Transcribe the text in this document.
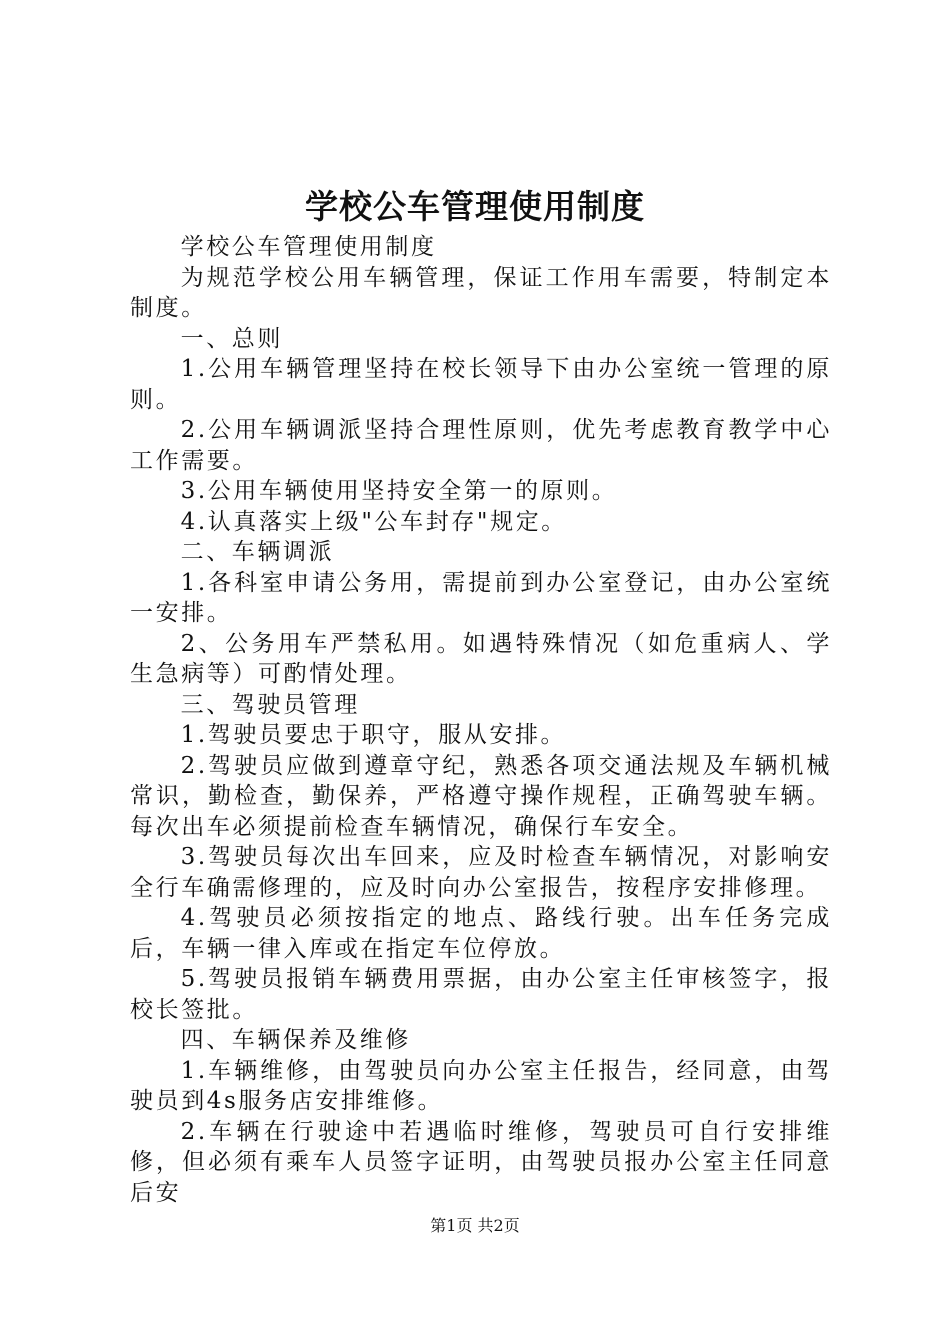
学校公车管理使用制度

学校公车管理使用制度

为规范学校公用车辆管理，保证工作用车需要，特制定本制度。

一、总则

1.公用车辆管理坚持在校长领导下由办公室统一管理的原则。

2.公用车辆调派坚持合理性原则，优先考虑教育教学中心工作需要。

3.公用车辆使用坚持安全第一的原则。

4.认真落实上级"公车封存"规定。

二、车辆调派

1.各科室申请公务用，需提前到办公室登记，由办公室统一安排。

2、公务用车严禁私用。如遇特殊情况（如危重病人、学生急病等）可酌情处理。

三、驾驶员管理

1.驾驶员要忠于职守，服从安排。

2.驾驶员应做到遵章守纪，熟悉各项交通法规及车辆机械常识，勤检查，勤保养，严格遵守操作规程，正确驾驶车辆。每次出车必须提前检查车辆情况，确保行车安全。

3.驾驶员每次出车回来，应及时检查车辆情况，对影响安全行车确需修理的，应及时向办公室报告，按程序安排修理。

4.驾驶员必须按指定的地点、路线行驶。出车任务完成后，车辆一律入库或在指定车位停放。

5.驾驶员报销车辆费用票据，由办公室主任审核签字，报校长签批。

四、车辆保养及维修

1.车辆维修，由驾驶员向办公室主任报告，经同意，由驾驶员到4s服务店安排维修。

2.车辆在行驶途中若遇临时维修，驾驶员可自行安排维修，但必须有乘车人员签字证明，由驾驶员报办公室主任同意后安

第1页 共2页
